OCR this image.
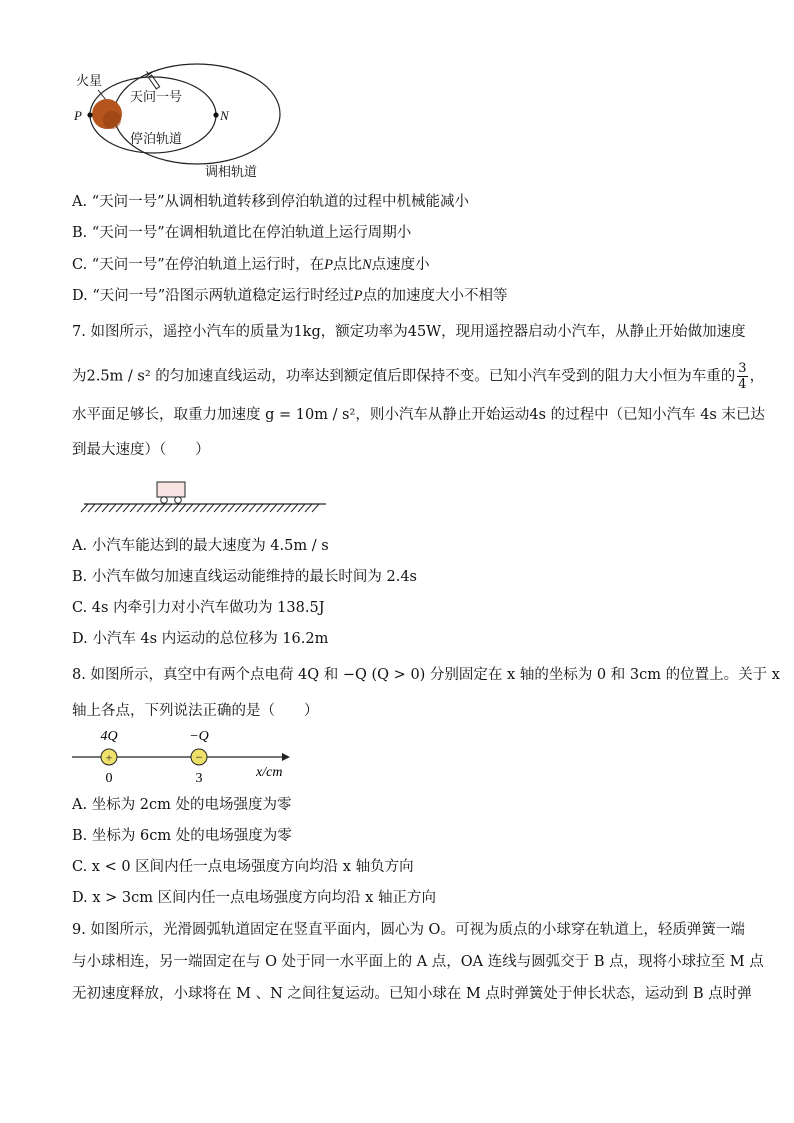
火星
天问一号
P	N
停泊轨道
调相轨道
A. “天问一号”从调相轨道转移到停泊轨道的过程中机械能减小
B. “天问一号”在调相轨道比在停泊轨道上运行周期小
C. “天问一号”在停泊轨道上运行时，在P点比N点速度小
D. “天问一号”沿图示两轨道稳定运行时经过P点的加速度大小不相等
7. 如图所示，遥控小汽车的质量为1kg，额定功率为45W，现用遥控器启动小汽车，从静止开始做加速度
为2.5m / s² 的匀加速直线运动，功率达到额定值后即保持不变。已知小汽车受到的阻力大小恒为车重的 $\frac{3}{4}$ ，
水平面足够长，取重力加速度 g = 10m / s²，则小汽车从静止开始运动4s 的过程中（已知小汽车 4s 末已达
到最大速度）（　　）
A. 小汽车能达到的最大速度为 4.5m / s
B. 小汽车做匀加速直线运动能维持的最长时间为 2.4s
C. 4s 内牵引力对小汽车做功为 138.5J
D. 小汽车 4s 内运动的总位移为 16.2m
8. 如图所示，真空中有两个点电荷 4Q 和 −Q (Q > 0) 分别固定在 x 轴的坐标为 0 和 3cm 的位置上。关于 x
轴上各点，下列说法正确的是（　　）
+	−
4Q	−Q
0	3	x/cm
A. 坐标为 2cm 处的电场强度为零
B. 坐标为 6cm 处的电场强度为零
C. x < 0 区间内任一点电场强度方向均沿 x 轴负方向
D. x > 3cm 区间内任一点电场强度方向均沿 x 轴正方向
9. 如图所示，光滑圆弧轨道固定在竖直平面内，圆心为 O。可视为质点的小球穿在轨道上，轻质弹簧一端
与小球相连，另一端固定在与 O 处于同一水平面上的 A 点，OA 连线与圆弧交于 B 点，现将小球拉至 M 点
无初速度释放，小球将在 M 、N 之间往复运动。已知小球在 M 点时弹簧处于伸长状态，运动到 B 点时弹
